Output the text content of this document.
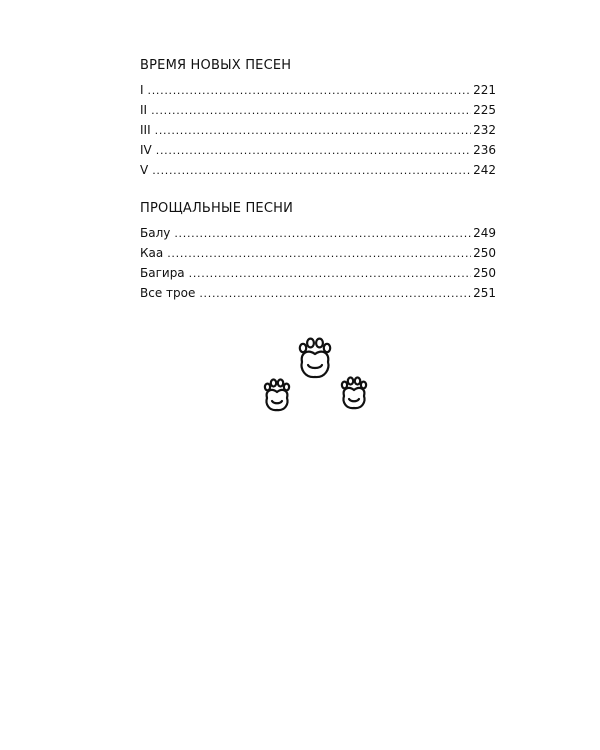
ВРЕМЯ НОВЫХ ПЕСЕН
I . . .	221
II . . .	225
III . . .	232
IV . . .	236
V . . .	242
ПРОЩАЛЬНЫЕ ПЕСНИ
Балу . . .	249
Каа . . .	250
Багира . . .	250
Все трое . . .	251
